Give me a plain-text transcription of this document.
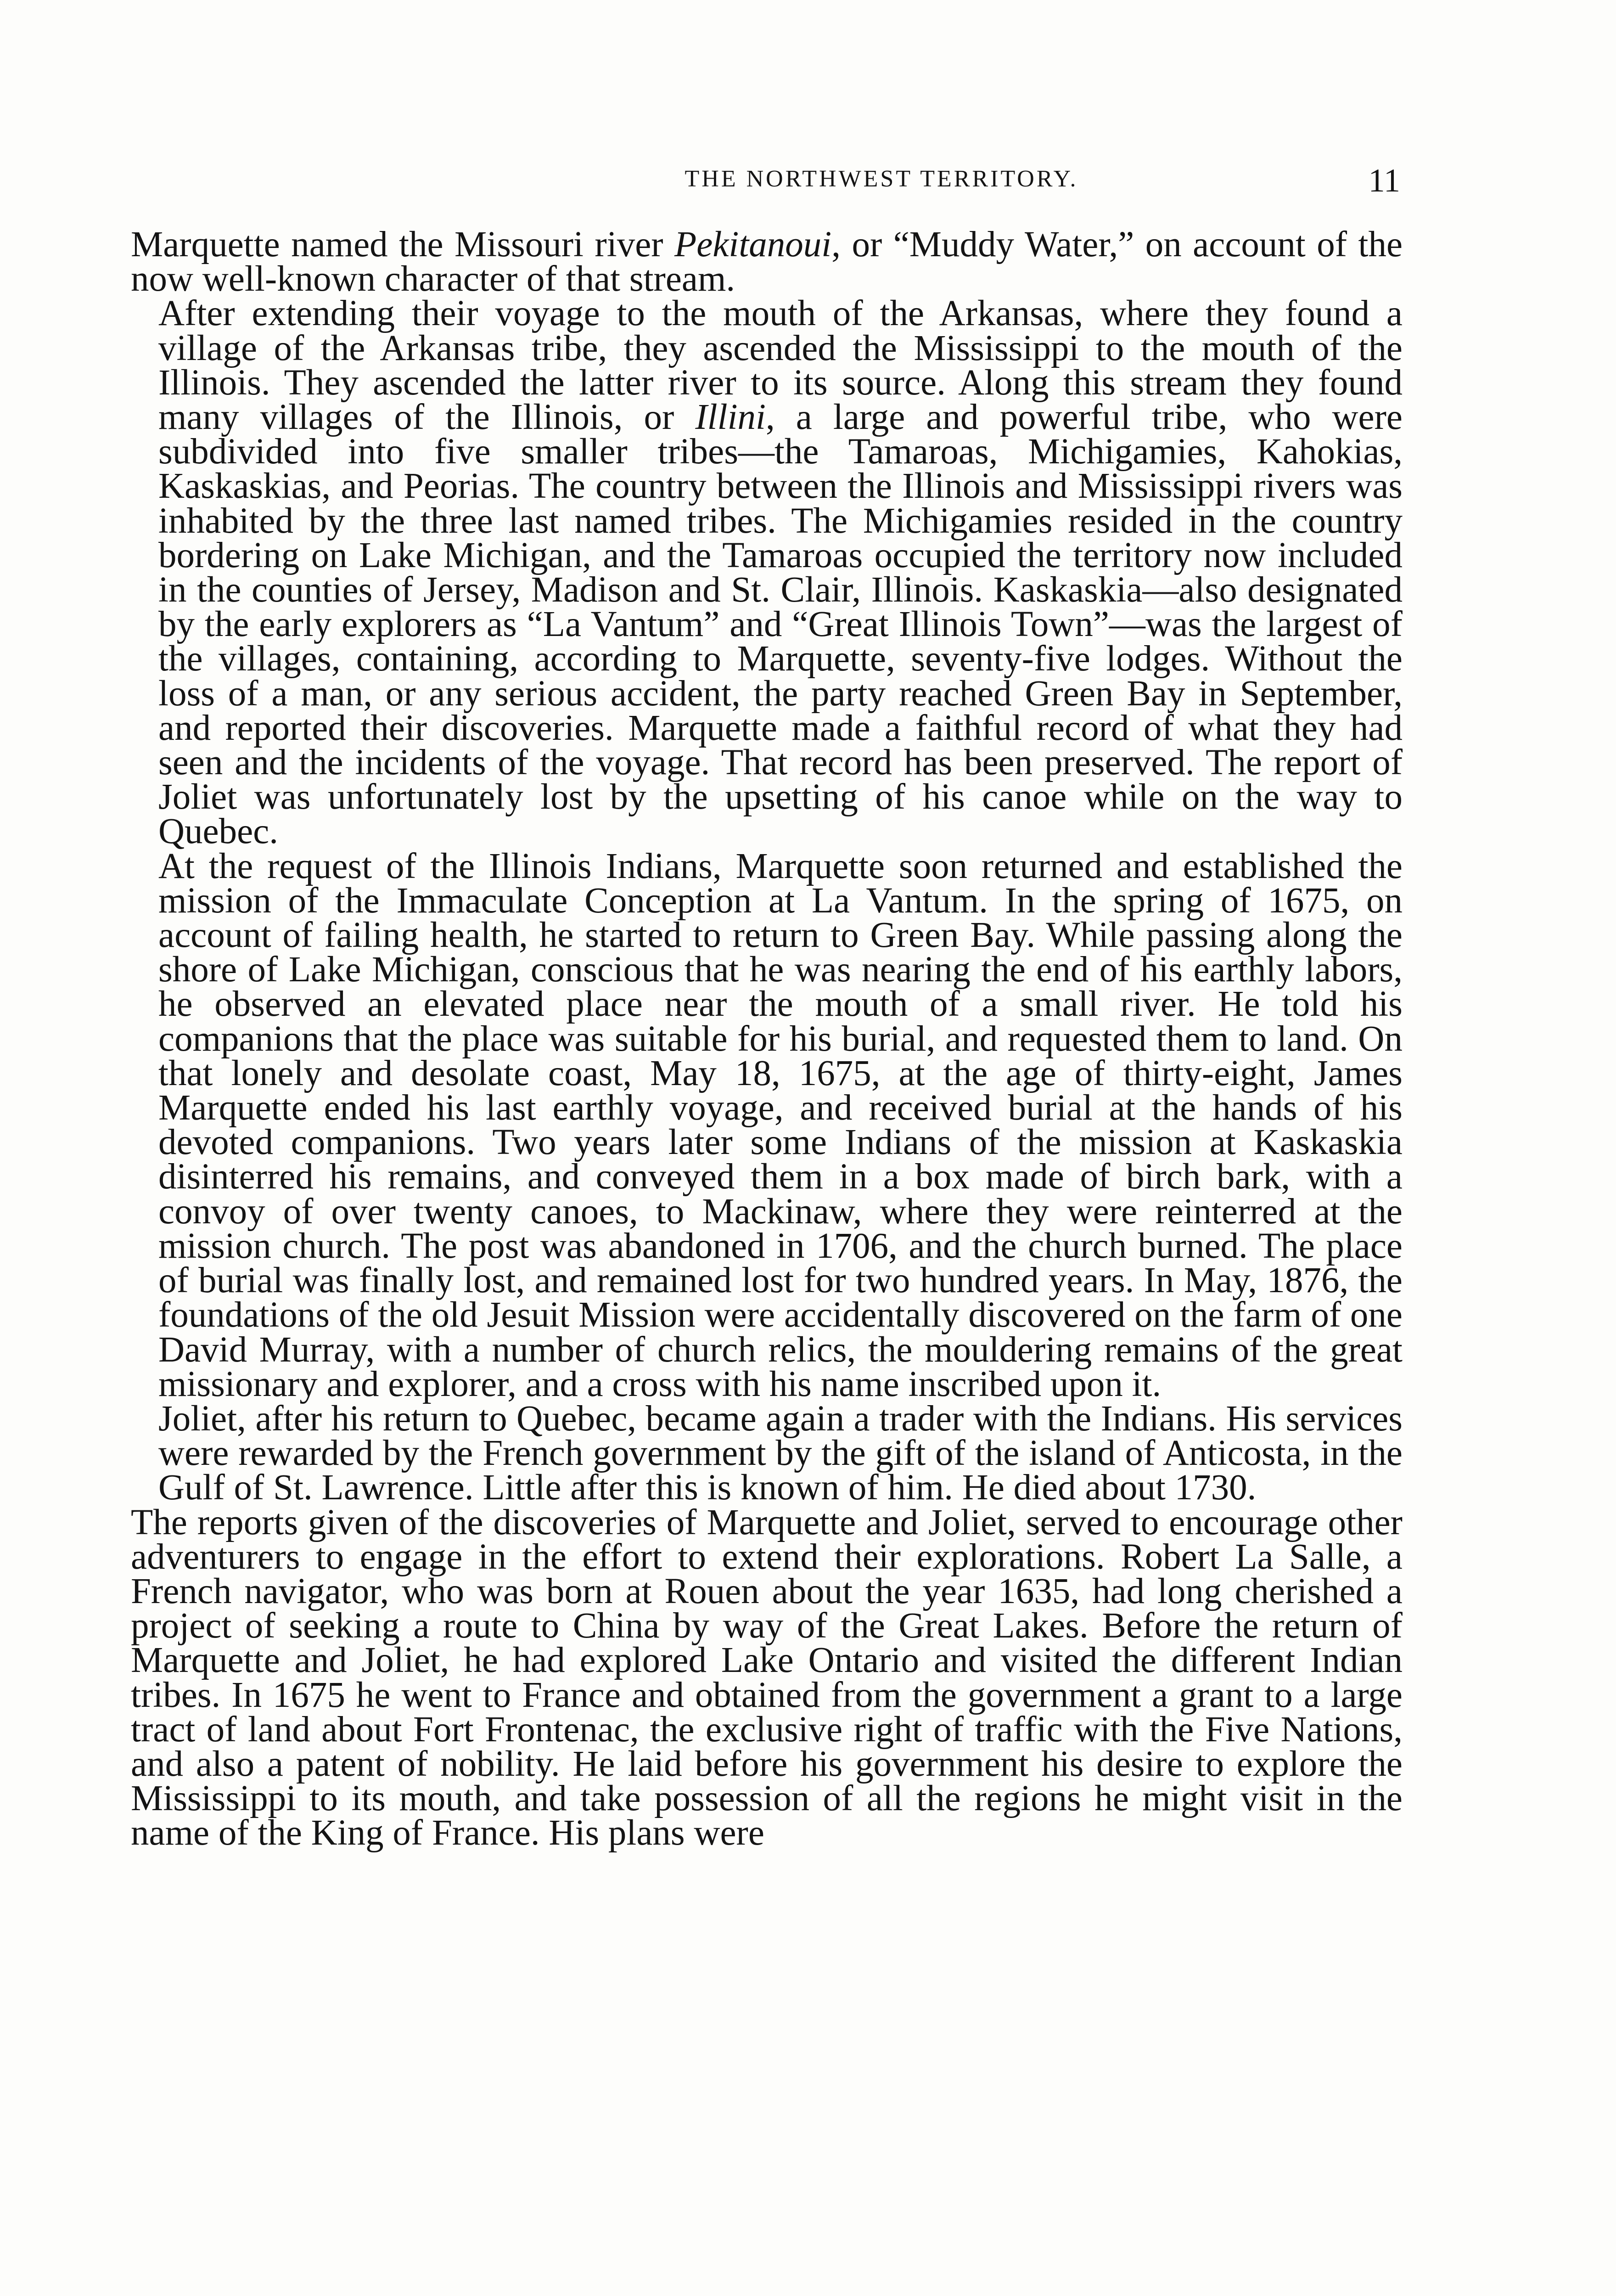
THE NORTHWEST TERRITORY.	11

Marquette named the Missouri river Pekitanoui, or “Muddy Water,” on account of the now well-known character of that stream.

After extending their voyage to the mouth of the Arkansas, where they found a village of the Arkansas tribe, they ascended the Mississippi to the mouth of the Illinois. They ascended the latter river to its source. Along this stream they found many villages of the Illinois, or Illini, a large and powerful tribe, who were subdivided into five smaller tribes—the Tamaroas, Michigamies, Kahokias, Kaskaskias, and Peorias. The country between the Illinois and Mississippi rivers was inhabited by the three last named tribes. The Michigamies resided in the country bordering on Lake Michigan, and the Tamaroas occupied the territory now included in the counties of Jersey, Madison and St. Clair, Illinois. Kaskaskia—also designated by the early explorers as “La Vantum” and “Great Illinois Town”—was the largest of the villages, containing, according to Marquette, seventy-five lodges. Without the loss of a man, or any serious accident, the party reached Green Bay in September, and reported their discoveries. Marquette made a faithful record of what they had seen and the incidents of the voyage. That record has been preserved. The report of Joliet was unfortunately lost by the upsetting of his canoe while on the way to Quebec.

At the request of the Illinois Indians, Marquette soon returned and established the mission of the Immaculate Conception at La Vantum. In the spring of 1675, on account of failing health, he started to return to Green Bay. While passing along the shore of Lake Michigan, conscious that he was nearing the end of his earthly labors, he observed an elevated place near the mouth of a small river. He told his companions that the place was suitable for his burial, and requested them to land. On that lonely and desolate coast, May 18, 1675, at the age of thirty-eight, James Marquette ended his last earthly voyage, and received burial at the hands of his devoted companions. Two years later some Indians of the mission at Kaskaskia disinterred his remains, and conveyed them in a box made of birch bark, with a convoy of over twenty canoes, to Mackinaw, where they were reinterred at the mission church. The post was abandoned in 1706, and the church burned. The place of burial was finally lost, and remained lost for two hundred years. In May, 1876, the foundations of the old Jesuit Mission were accidentally discovered on the farm of one David Murray, with a number of church relics, the mouldering remains of the great missionary and explorer, and a cross with his name inscribed upon it.

Joliet, after his return to Quebec, became again a trader with the Indians. His services were rewarded by the French government by the gift of the island of Anticosta, in the Gulf of St. Lawrence. Little after this is known of him. He died about 1730.

The reports given of the discoveries of Marquette and Joliet, served to encourage other adventurers to engage in the effort to extend their explorations. Robert La Salle, a French navigator, who was born at Rouen about the year 1635, had long cherished a project of seeking a route to China by way of the Great Lakes. Before the return of Marquette and Joliet, he had explored Lake Ontario and visited the different Indian tribes. In 1675 he went to France and obtained from the government a grant to a large tract of land about Fort Frontenac, the exclusive right of traffic with the Five Nations, and also a patent of nobility. He laid before his government his desire to explore the Mississippi to its mouth, and take possession of all the regions he might visit in the name of the King of France. His plans were
